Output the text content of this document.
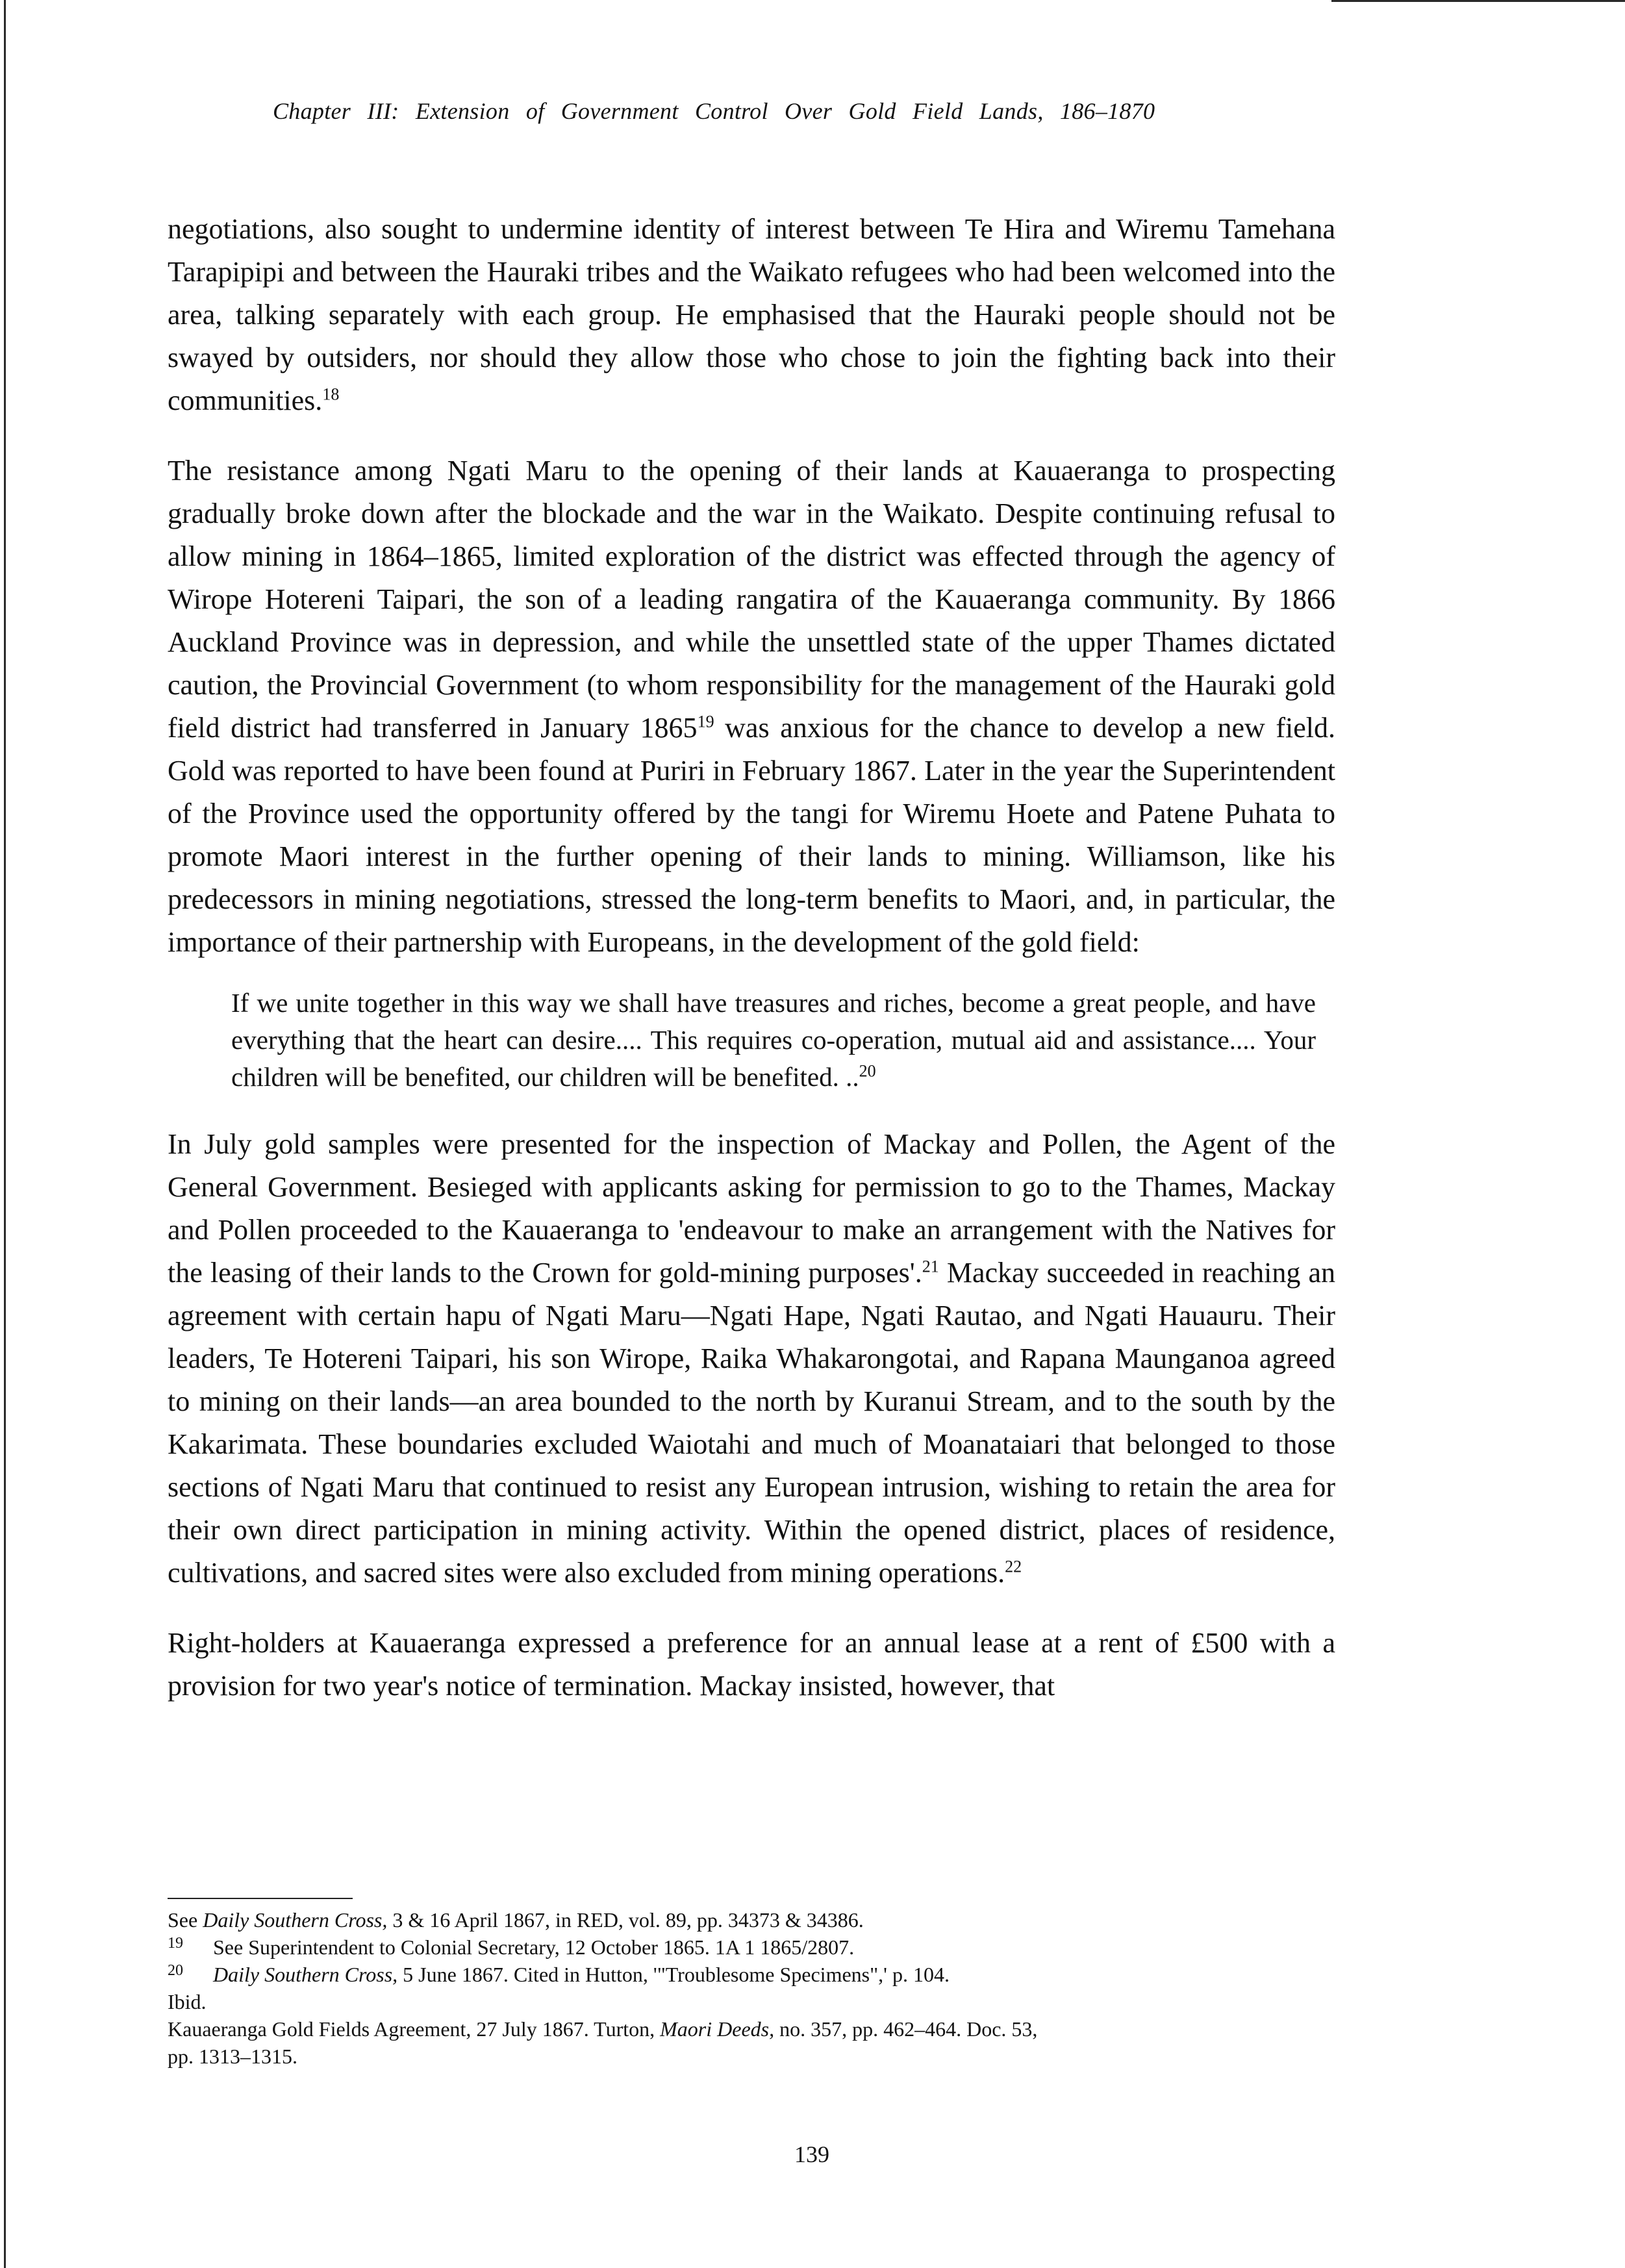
Chapter III: Extension of Government Control Over Gold Field Lands, 186–1870

negotiations, also sought to undermine identity of interest between Te Hira and Wiremu Tamehana Tarapipipi and between the Hauraki tribes and the Waikato refugees who had been welcomed into the area, talking separately with each group. He emphasised that the Hauraki people should not be swayed by outsiders, nor should they allow those who chose to join the fighting back into their communities.$^{18}$

The resistance among Ngati Maru to the opening of their lands at Kauaeranga to prospecting gradually broke down after the blockade and the war in the Waikato. Despite continuing refusal to allow mining in 1864–1865, limited exploration of the district was effected through the agency of Wirope Hotereni Taipari, the son of a leading rangatira of the Kauaeranga community. By 1866 Auckland Province was in depression, and while the unsettled state of the upper Thames dictated caution, the Provincial Government (to whom responsibility for the management of the Hauraki gold field district had transferred in January 1865$^{19}$ was anxious for the chance to develop a new field. Gold was reported to have been found at Puriri in February 1867. Later in the year the Superintendent of the Province used the opportunity offered by the tangi for Wiremu Hoete and Patene Puhata to promote Maori interest in the further opening of their lands to mining. Williamson, like his predecessors in mining negotiations, stressed the long-term benefits to Maori, and, in particular, the importance of their partnership with Europeans, in the development of the gold field:

If we unite together in this way we shall have treasures and riches, become a great people, and have everything that the heart can desire.... This requires co-operation, mutual aid and assistance.... Your children will be benefited, our children will be benefited. ..$^{20}$

In July gold samples were presented for the inspection of Mackay and Pollen, the Agent of the General Government. Besieged with applicants asking for permission to go to the Thames, Mackay and Pollen proceeded to the Kauaeranga to 'endeavour to make an arrangement with the Natives for the leasing of their lands to the Crown for gold-mining purposes'.$^{21}$ Mackay succeeded in reaching an agreement with certain hapu of Ngati Maru—Ngati Hape, Ngati Rautao, and Ngati Hauauru. Their leaders, Te Hotereni Taipari, his son Wirope, Raika Whakarongotai, and Rapana Maunganoa agreed to mining on their lands—an area bounded to the north by Kuranui Stream, and to the south by the Kakarimata. These boundaries excluded Waiotahi and much of Moanataiari that belonged to those sections of Ngati Maru that continued to resist any European intrusion, wishing to retain the area for their own direct participation in mining activity. Within the opened district, places of residence, cultivations, and sacred sites were also excluded from mining operations.$^{22}$

Right-holders at Kauaeranga expressed a preference for an annual lease at a rent of £500 with a provision for two year's notice of termination. Mackay insisted, however, that

See Daily Southern Cross, 3 & 16 April 1867, in RED, vol. 89, pp. 34373 & 34386.
19	See Superintendent to Colonial Secretary, 12 October 1865. 1A 1 1865/2807.
20	Daily Southern Cross, 5 June 1867. Cited in Hutton, '"Troublesome Specimens",' p. 104.
Ibid.
Kauaeranga Gold Fields Agreement, 27 July 1867. Turton, Maori Deeds, no. 357, pp. 462–464. Doc. 53,
pp. 1313–1315.
139
